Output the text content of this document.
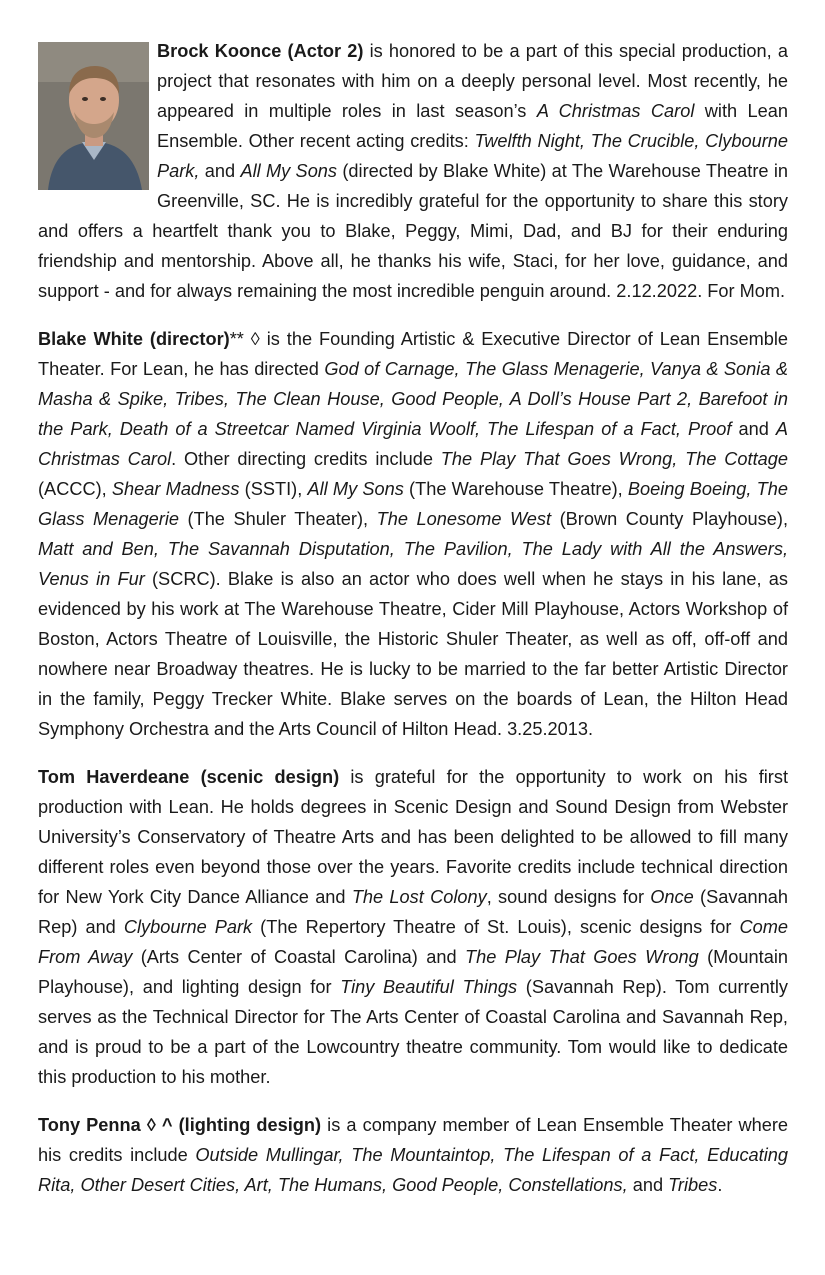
Brock Koonce (Actor 2) is honored to be a part of this special production, a project that resonates with him on a deeply personal level. Most recently, he appeared in multiple roles in last season’s A Christmas Carol with Lean Ensemble. Other recent acting credits: Twelfth Night, The Crucible, Clybourne Park, and All My Sons (directed by Blake White) at The Warehouse Theatre in Greenville, SC. He is incredibly grateful for the opportunity to share this story and offers a heartfelt thank you to Blake, Peggy, Mimi, Dad, and BJ for their enduring friendship and mentorship. Above all, he thanks his wife, Staci, for her love, guidance, and support - and for always remaining the most incredible penguin around. 2.12.2022. For Mom.

Blake White (director)** ◊ is the Founding Artistic & Executive Director of Lean Ensemble Theater. For Lean, he has directed God of Carnage, The Glass Menagerie, Vanya & Sonia & Masha & Spike, Tribes, The Clean House, Good People, A Doll’s House Part 2, Barefoot in the Park, Death of a Streetcar Named Virginia Woolf, The Lifespan of a Fact, Proof and A Christmas Carol. Other directing credits include The Play That Goes Wrong, The Cottage (ACCC), Shear Madness (SSTI), All My Sons (The Warehouse Theatre), Boeing Boeing, The Glass Menagerie (The Shuler Theater), The Lonesome West (Brown County Playhouse), Matt and Ben, The Savannah Disputation, The Pavilion, The Lady with All the Answers, Venus in Fur (SCRC). Blake is also an actor who does well when he stays in his lane, as evidenced by his work at The Warehouse Theatre, Cider Mill Playhouse, Actors Workshop of Boston, Actors Theatre of Louisville, the Historic Shuler Theater, as well as off, off-off and nowhere near Broadway theatres. He is lucky to be married to the far better Artistic Director in the family, Peggy Trecker White. Blake serves on the boards of Lean, the Hilton Head Symphony Orchestra and the Arts Council of Hilton Head. 3.25.2013.

Tom Haverdeane (scenic design) is grateful for the opportunity to work on his first production with Lean. He holds degrees in Scenic Design and Sound Design from Webster University’s Conservatory of Theatre Arts and has been delighted to be allowed to fill many different roles even beyond those over the years. Favorite credits include technical direction for New York City Dance Alliance and The Lost Colony, sound designs for Once (Savannah Rep) and Clybourne Park (The Repertory Theatre of St. Louis), scenic designs for Come From Away (Arts Center of Coastal Carolina) and The Play That Goes Wrong (Mountain Playhouse), and lighting design for Tiny Beautiful Things (Savannah Rep). Tom currently serves as the Technical Director for The Arts Center of Coastal Carolina and Savannah Rep, and is proud to be a part of the Lowcountry theatre community. Tom would like to dedicate this production to his mother.

Tony Penna ◊ ^ (lighting design) is a company member of Lean Ensemble Theater where his credits include Outside Mullingar, The Mountaintop, The Lifespan of a Fact, Educating Rita, Other Desert Cities, Art, The Humans, Good People, Constellations, and Tribes.
